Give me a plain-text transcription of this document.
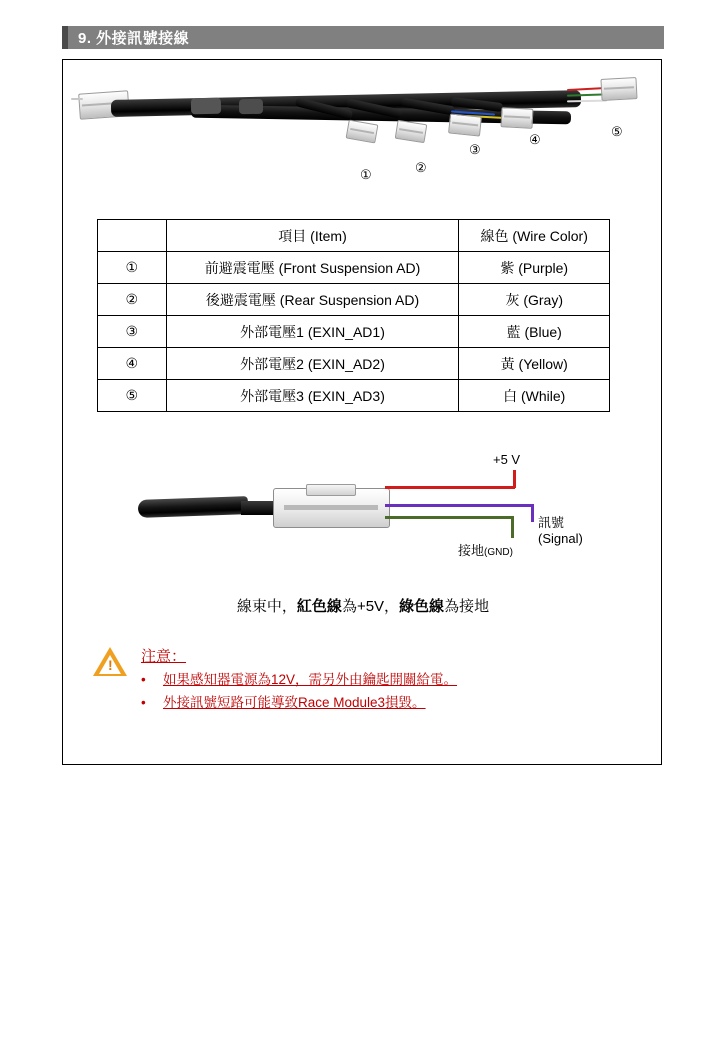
9. 外接訊號接線
①	②
③
④
⑤
	項目 (Item)	線色 (Wire Color)
①	前避震電壓 (Front Suspension AD)	紫 (Purple)
②	後避震電壓 (Rear Suspension AD)	灰 (Gray)
③	外部電壓1 (EXIN_AD1)	藍 (Blue)
④	外部電壓2 (EXIN_AD2)	黃 (Yellow)
⑤	外部電壓3 (EXIN_AD3)	白 (While)
+5 V
訊號(Signal)
接地(GND)
線束中，紅色線為+5V，綠色線為接地
! 注意：
•	如果感知器電源為12V，需另外由鑰匙開關給電。
•	外接訊號短路可能導致Race Module3損毀。
